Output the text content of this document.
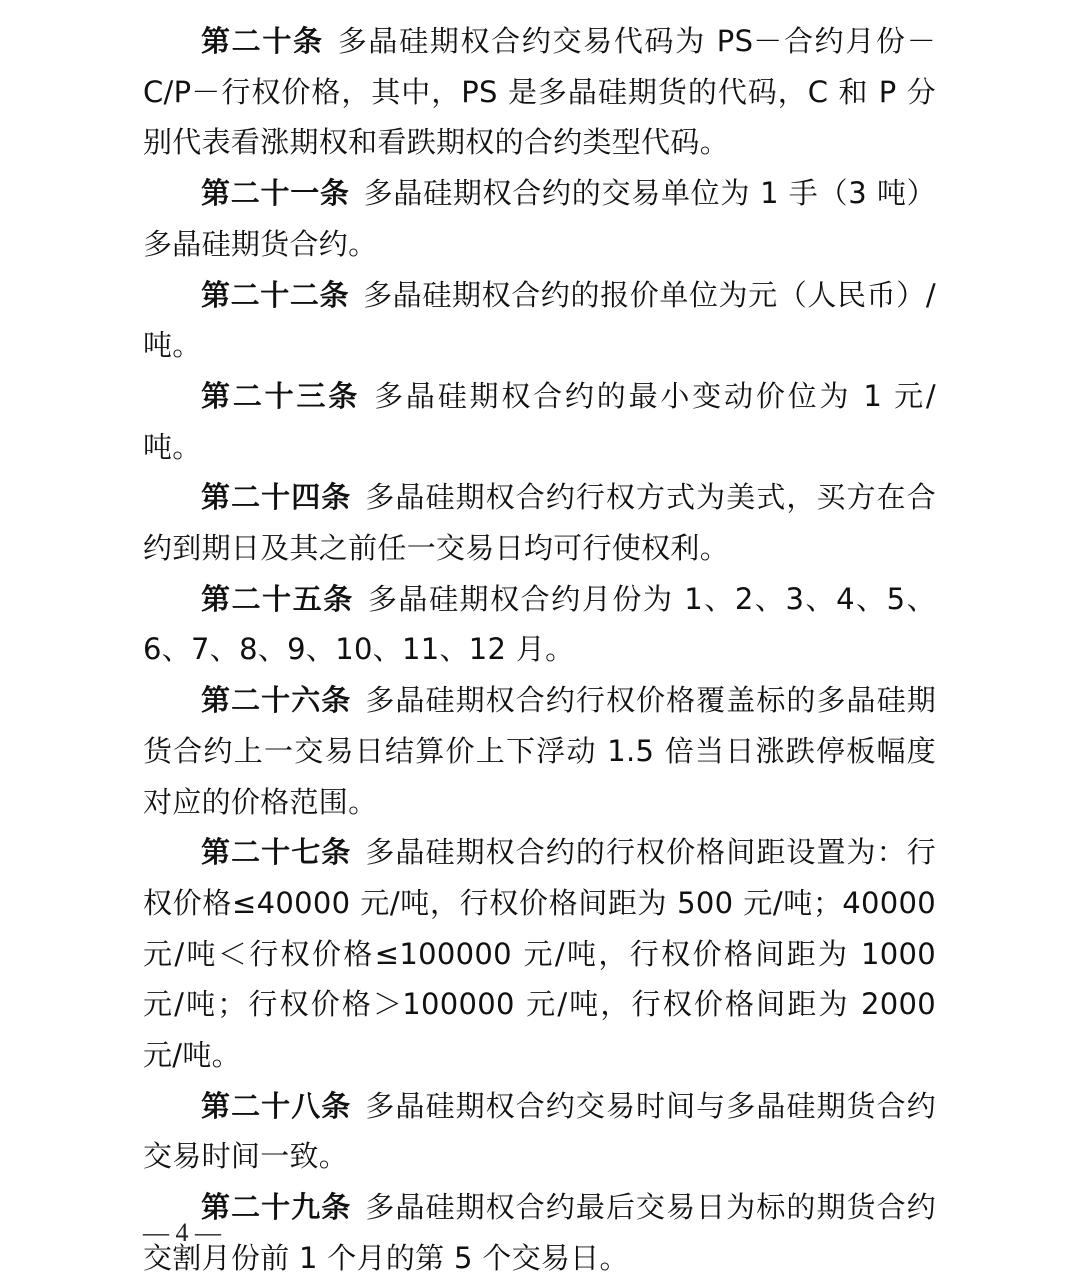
第二十条 多晶硅期权合约交易代码为 PS－合约月份－C/P－行权价格，其中，PS 是多晶硅期货的代码，C 和 P 分别代表看涨期权和看跌期权的合约类型代码。

第二十一条 多晶硅期权合约的交易单位为 1 手（3 吨）多晶硅期货合约。

第二十二条 多晶硅期权合约的报价单位为元（人民币）/吨。

第二十三条 多晶硅期权合约的最小变动价位为 1 元/吨。

第二十四条 多晶硅期权合约行权方式为美式，买方在合约到期日及其之前任一交易日均可行使权利。

第二十五条 多晶硅期权合约月份为 1、2、3、4、5、6、7、8、9、10、11、12 月。

第二十六条 多晶硅期权合约行权价格覆盖标的多晶硅期货合约上一交易日结算价上下浮动 1.5 倍当日涨跌停板幅度对应的价格范围。

第二十七条 多晶硅期权合约的行权价格间距设置为：行权价格≤40000 元/吨，行权价格间距为 500 元/吨；40000 元/吨＜行权价格≤100000 元/吨，行权价格间距为 1000 元/吨；行权价格＞100000 元/吨，行权价格间距为 2000 元/吨。

第二十八条 多晶硅期权合约交易时间与多晶硅期货合约交易时间一致。

第二十九条 多晶硅期权合约最后交易日为标的期货合约交割月份前 1 个月的第 5 个交易日。

— 4 —
